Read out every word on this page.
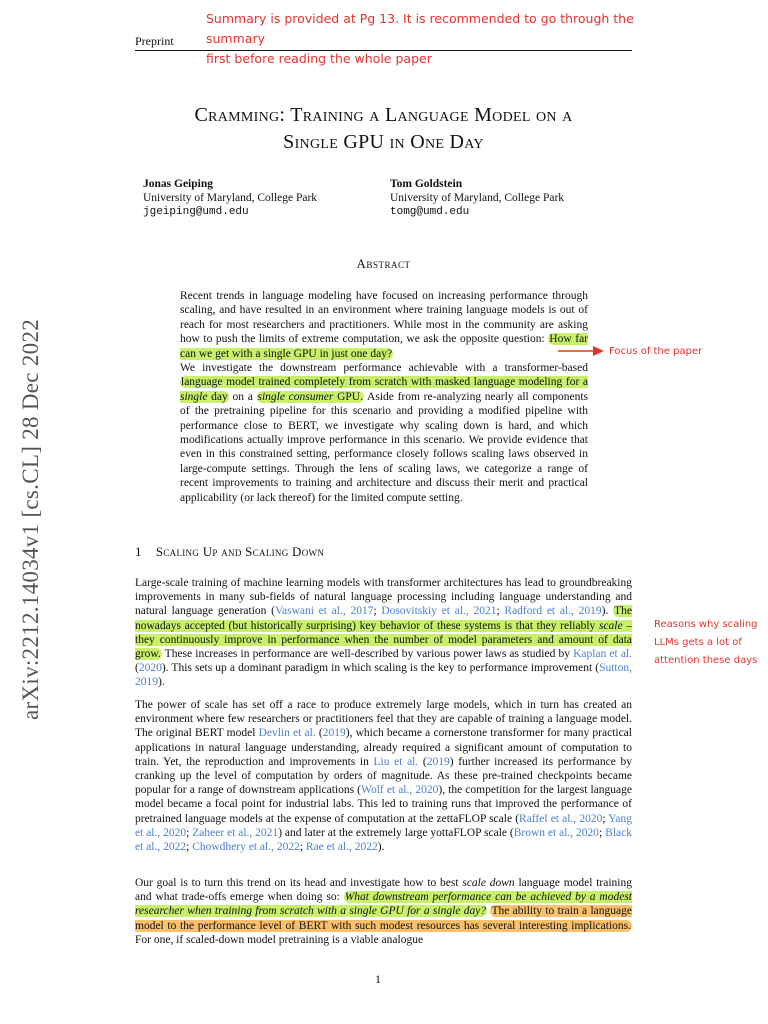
arXiv:2212.14034v1 [cs.CL] 28 Dec 2022
Preprint
Summary is provided at Pg 13. It is recommended to go through the summary
first before reading the whole paper
Cramming: Training a Language Model on a
Single GPU in One Day
Jonas Geiping
University of Maryland, College Park
jgeiping@umd.edu
Tom Goldstein
University of Maryland, College Park
tomg@umd.edu
Abstract

Recent trends in language modeling have focused on increasing performance through scaling, and have resulted in an environment where training language models is out of reach for most researchers and practitioners. While most in the community are asking how to push the limits of extreme computation, we ask the opposite question: How far can we get with a single GPU in just one day?

We investigate the downstream performance achievable with a transformer-based language model trained completely from scratch with masked language modeling for a single day on a single consumer GPU. Aside from re-analyzing nearly all components of the pretraining pipeline for this scenario and providing a modified pipeline with performance close to BERT, we investigate why scaling down is hard, and which modifications actually improve performance in this scenario. We provide evidence that even in this constrained setting, performance closely follows scaling laws observed in large-compute settings. Through the lens of scaling laws, we categorize a range of recent improvements to training and architecture and discuss their merit and practical applicability (or lack thereof) for the limited compute setting.

Focus of the paper
Reasons why scaling
LLMs gets a lot of
attention these days
1 Scaling Up and Scaling Down

Large-scale training of machine learning models with transformer architectures has lead to groundbreaking improvements in many sub-fields of natural language processing including language understanding and natural language generation (Vaswani et al., 2017; Dosovitskiy et al., 2021; Radford et al., 2019). The nowadays accepted (but historically surprising) key behavior of these systems is that they reliably scale – they continuously improve in performance when the number of model parameters and amount of data grow. These increases in performance are well-described by various power laws as studied by Kaplan et al. (2020). This sets up a dominant paradigm in which scaling is the key to performance improvement (Sutton, 2019).

The power of scale has set off a race to produce extremely large models, which in turn has created an environment where few researchers or practitioners feel that they are capable of training a language model. The original BERT model Devlin et al. (2019), which became a cornerstone transformer for many practical applications in natural language understanding, already required a significant amount of computation to train. Yet, the reproduction and improvements in Liu et al. (2019) further increased its performance by cranking up the level of computation by orders of magnitude. As these pre-trained checkpoints became popular for a range of downstream applications (Wolf et al., 2020), the competition for the largest language model became a focal point for industrial labs. This led to training runs that improved the performance of pretrained language models at the expense of computation at the zettaFLOP scale (Raffel et al., 2020; Yang et al., 2020; Zaheer et al., 2021) and later at the extremely large yottaFLOP scale (Brown et al., 2020; Black et al., 2022; Chowdhery et al., 2022; Rae et al., 2022).

Our goal is to turn this trend on its head and investigate how to best scale down language model training and what trade-offs emerge when doing so: What downstream performance can be achieved by a modest researcher when training from scratch with a single GPU for a single day? The ability to train a language model to the performance level of BERT with such modest resources has several interesting implications. For one, if scaled-down model pretraining is a viable analogue

1
